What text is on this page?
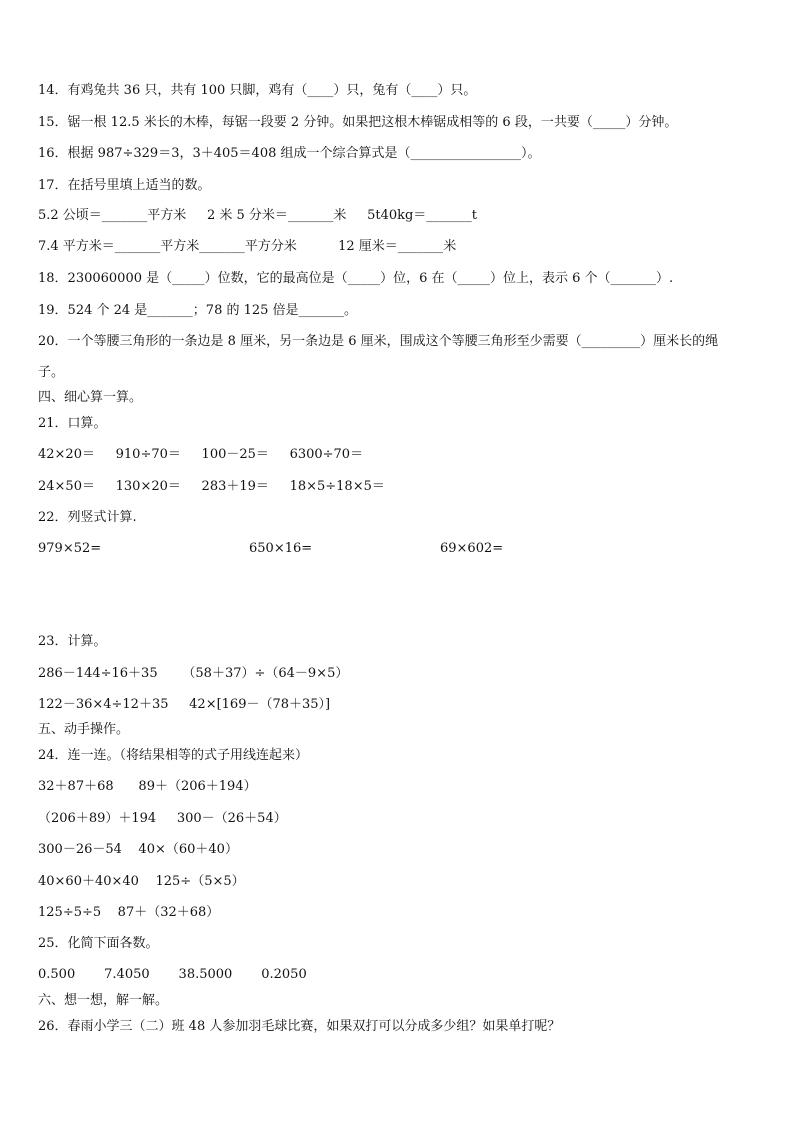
14．有鸡兔共 36 只，共有 100 只脚，鸡有（____）只，兔有（____）只。
15．锯一根 12.5 米长的木棒，每锯一段要 2 分钟。如果把这根木棒锯成相等的 6 段，一共要（_____）分钟。
16．根据 987÷329＝3，3＋405＝408 组成一个综合算式是（_________________）。
17．在括号里填上适当的数。
5.2 公顷＝_______平方米     2 米 5 分米＝_______米     5t40kg＝_______t
7.4 平方米＝_______平方米_______平方分米          12 厘米＝_______米
18．230060000 是（_____）位数，它的最高位是（_____）位，6 在（_____）位上，表示 6 个（_______）.
19．524 个 24 是_______；78 的 125 倍是_______。
20．一个等腰三角形的一条边是 8 厘米，另一条边是 6 厘米，围成这个等腰三角形至少需要（_________）厘米长的绳
子。
四、细心算一算。
21．口算。
42×20＝     910÷70＝     100－25＝     6300÷70＝
24×50＝     130×20＝     283＋19＝     18×5÷18×5＝
22．列竖式计算.
979×52=	650×16=	69×602=
23．计算。
286－144÷16＋35      （58＋37）÷（64－9×5）
122－36×4÷12＋35     42×[169－（78＋35）]
五、动手操作。
24．连一连。（将结果相等的式子用线连起来）
32＋87＋68      89＋（206＋194）
（206＋89）＋194     300－（26＋54）
300－26－54    40×（60＋40）
40×60＋40×40    125÷（5×5）
125÷5÷5    87＋（32＋68）
25．化简下面各数。
0.500       7.4050       38.5000       0.2050
六、想一想，解一解。
26．春雨小学三（二）班 48 人参加羽毛球比赛，如果双打可以分成多少组？如果单打呢？
